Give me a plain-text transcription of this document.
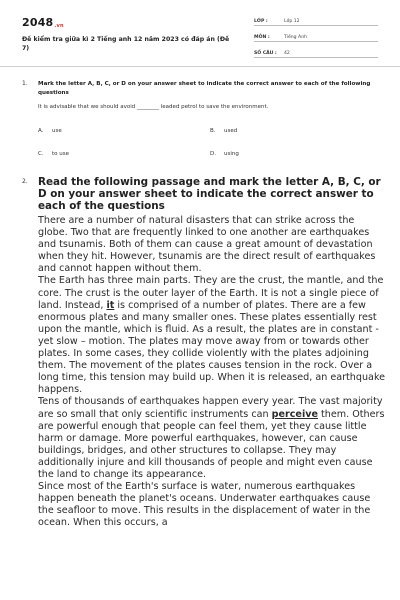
2048.vn
Đề kiểm tra giữa kì 2 Tiếng anh 12 năm 2023 có đáp án (Đề 7)
LỚP :	Lớp 12
MÔN :	Tiếng Anh
SỐ CÂU : 42
1. Mark the letter A, B, C, or D on your answer sheet to indicate the correct answer to each of the following questions
It is advisable that we should avoid ________ leaded petrol to save the environment.
A. use	B. used
C. to use	D. using
2. Read the following passage and mark the letter A, B, C, or D on your answer sheet to indicate the correct answer to each of the questions

There are a number of natural disasters that can strike across the globe. Two that are frequently linked to one another are earthquakes and tsunamis. Both of them can cause a great amount of devastation when they hit. However, tsunamis are the direct result of earthquakes and cannot happen without them.

The Earth has three main parts. They are the crust, the mantle, and the core. The crust is the outer layer of the Earth. It is not a single piece of land. Instead, it is comprised of a number of plates. There are a few enormous plates and many smaller ones. These plates essentially rest upon the mantle, which is fluid. As a result, the plates are in constant - yet slow – motion. The plates may move away from or towards other plates. In some cases, they collide violently with the plates adjoining them. The movement of the plates causes tension in the rock. Over a long time, this tension may build up. When it is released, an earthquake happens.

Tens of thousands of earthquakes happen every year. The vast majority are so small that only scientific instruments can perceive them. Others are powerful enough that people can feel them, yet they cause little harm or damage. More powerful earthquakes, however, can cause buildings, bridges, and other structures to collapse. They may additionally injure and kill thousands of people and might even cause the land to change its appearance.

Since most of the Earth's surface is water, numerous earthquakes happen beneath the planet's oceans. Underwater earthquakes cause the seafloor to move. This results in the displacement of water in the ocean. When this occurs, a
